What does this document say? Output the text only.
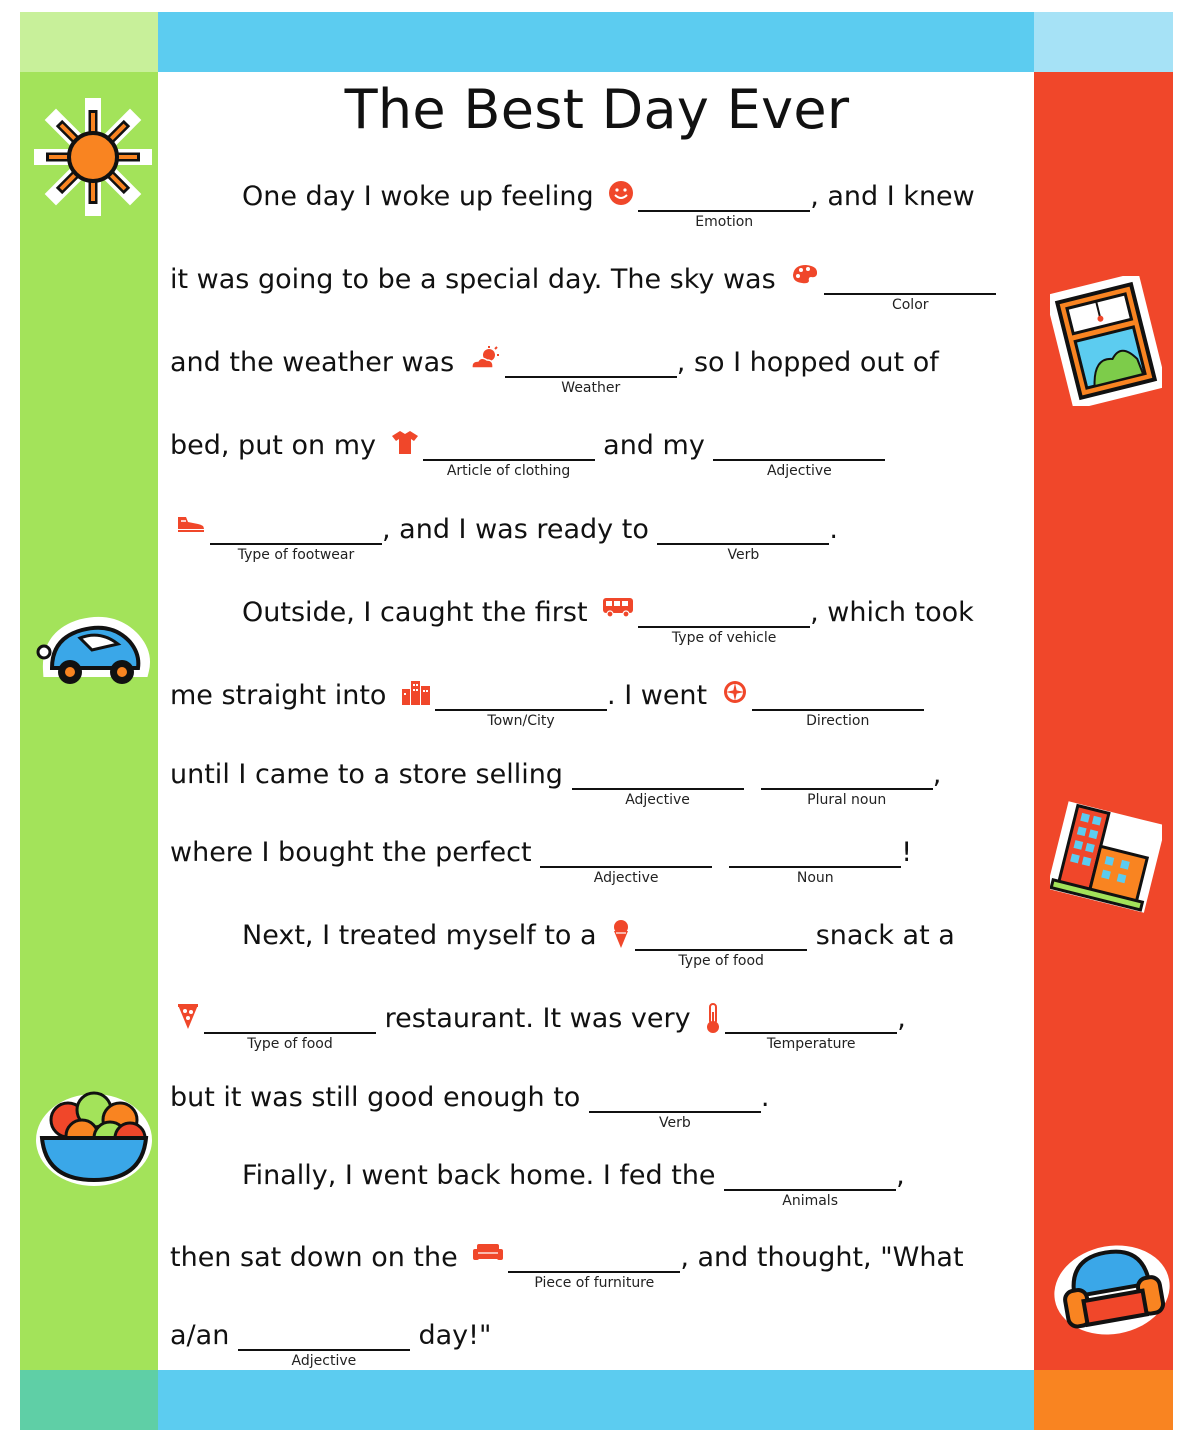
The Best Day Ever
One day I woke up feeling
Emotion
, and I knew
it was going to be a special day. The sky was
Color
and the weather was
Weather
, so I hopped out of
bed, put on my
Article of clothing
and my
Adjective
Type of footwear
, and I was ready to
Verb
.
Outside, I caught the first
Type of vehicle
, which took
me straight into
Town/City
. I went
Direction
until I came to a store selling
Adjective
	Plural noun
,
where I bought the perfect
Adjective
	Noun
!
Next, I treated myself to a
Type of food
snack at a
Type of food
restaurant. It was very
Temperature
,
but it was still good enough to
Verb
.
Finally, I went back home. I fed the
Animals
,
then sat down on the
Piece of furniture
, and thought, "What
a/an
Adjective
day!"
